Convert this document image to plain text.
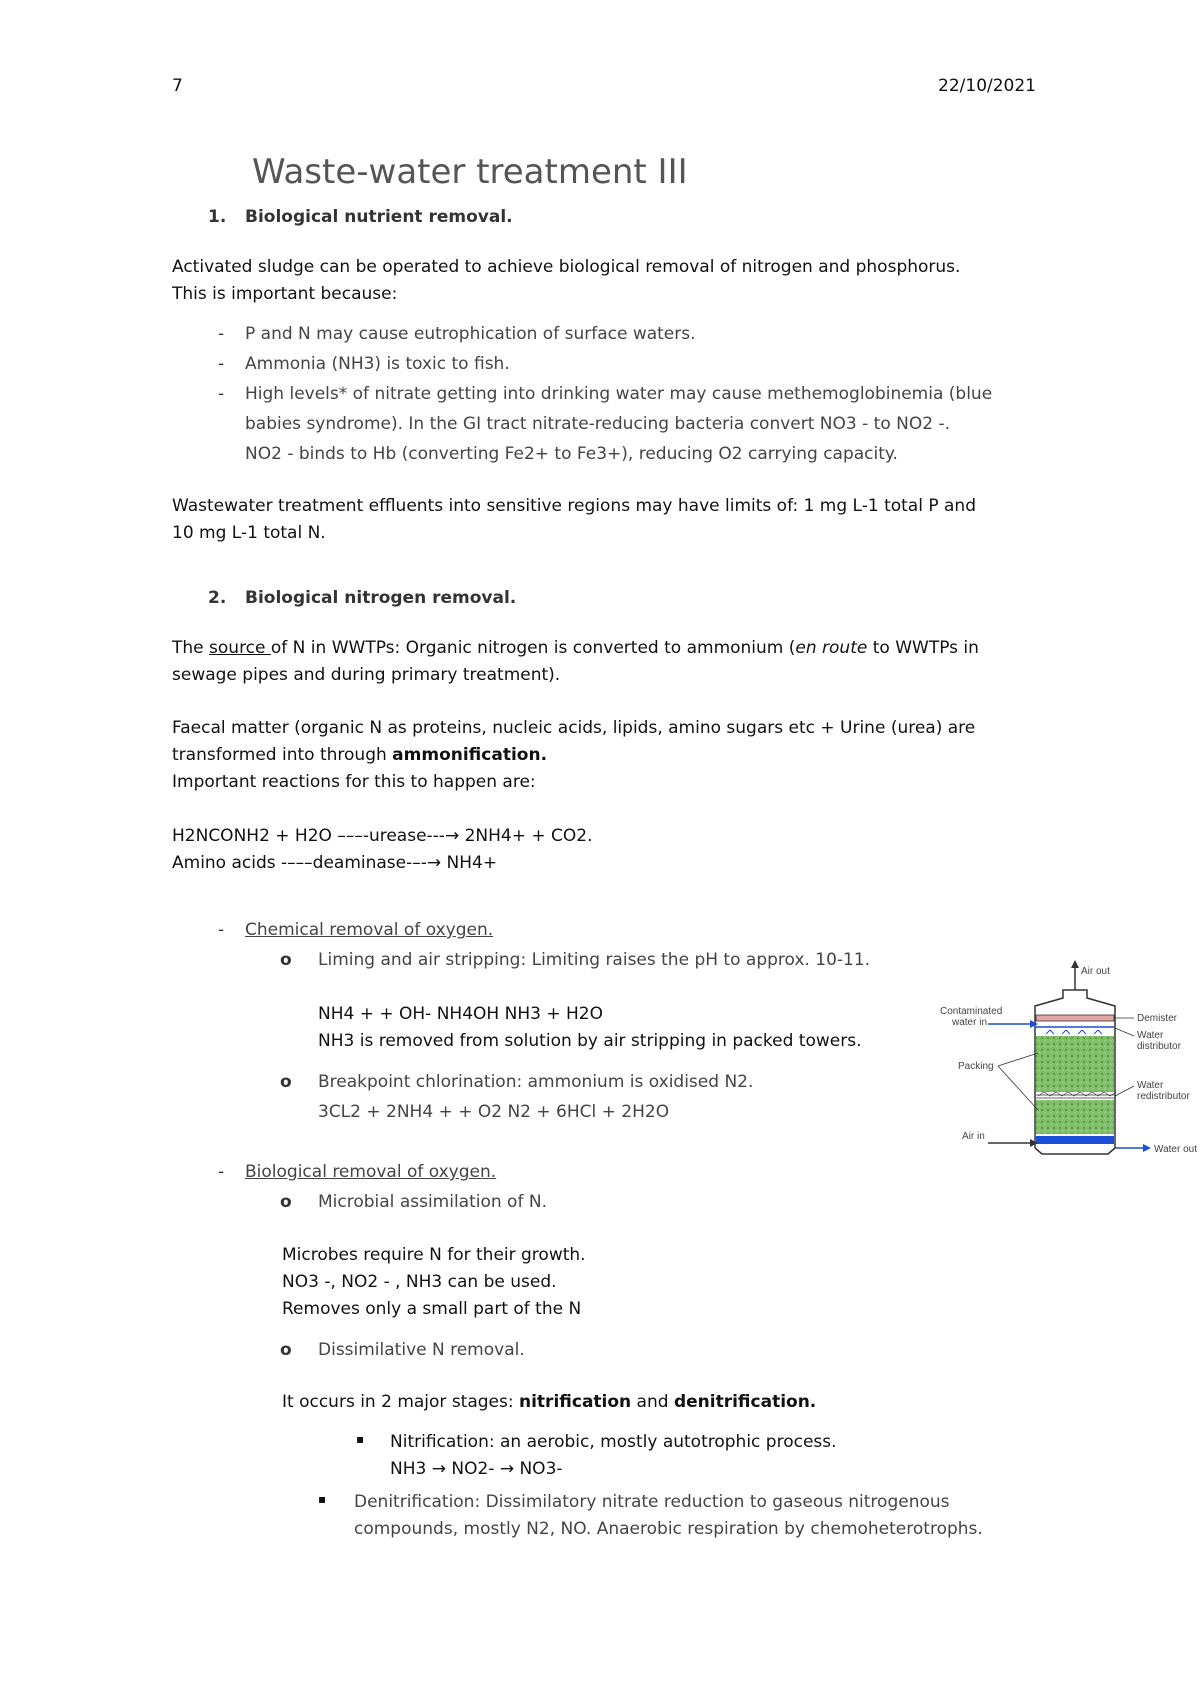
7	22/10/2021
Waste-water treatment III
1. Biological nutrient removal.
Activated sludge can be operated to achieve biological removal of nitrogen and phosphorus.
This is important because:
- P and N may cause eutrophication of surface waters.
- Ammonia (NH3) is toxic to fish.
- High levels* of nitrate getting into drinking water may cause methemoglobinemia (blue
babies syndrome). In the GI tract nitrate-reducing bacteria convert NO3 - to NO2 -.
NO2 - binds to Hb (converting Fe2+ to Fe3+), reducing O2 carrying capacity.
Wastewater treatment effluents into sensitive regions may have limits of: 1 mg L-1 total P and
10 mg L-1 total N.
2. Biological nitrogen removal.
The source of N in WWTPs: Organic nitrogen is converted to ammonium (en route to WWTPs in
sewage pipes and during primary treatment).
Faecal matter (organic N as proteins, nucleic acids, lipids, amino sugars etc + Urine (urea) are
transformed into through ammonification.
Important reactions for this to happen are:
H2NCONH2 + H2O –––-urease---→ 2NH4+ + CO2.
Amino acids -–––deaminase-–-→ NH4+
- Chemical removal of oxygen.
o Liming and air stripping: Limiting raises the pH to approx. 10-11.
NH4 + + OH- NH4OH NH3 + H2O
NH3 is removed from solution by air stripping in packed towers.
o Breakpoint chlorination: ammonium is oxidised N2.
3CL2 + 2NH4 + + O2 N2 + 6HCl + 2H2O
- Biological removal of oxygen.
o Microbial assimilation of N.
Microbes require N for their growth.
NO3 -, NO2 - , NH3 can be used.
Removes only a small part of the N
o Dissimilative N removal.
It occurs in 2 major stages: nitrification and denitrification.
▪ Nitrification: an aerobic, mostly autotrophic process.
NH3 → NO2- → NO3-
▪ Denitrification: Dissimilatory nitrate reduction to gaseous nitrogenous
compounds, mostly N2, NO. Anaerobic respiration by chemoheterotrophs.
Air out
Demister
Contaminated
water in
Water
distributor
Packing
Water
redistributor
Air in
Water out
